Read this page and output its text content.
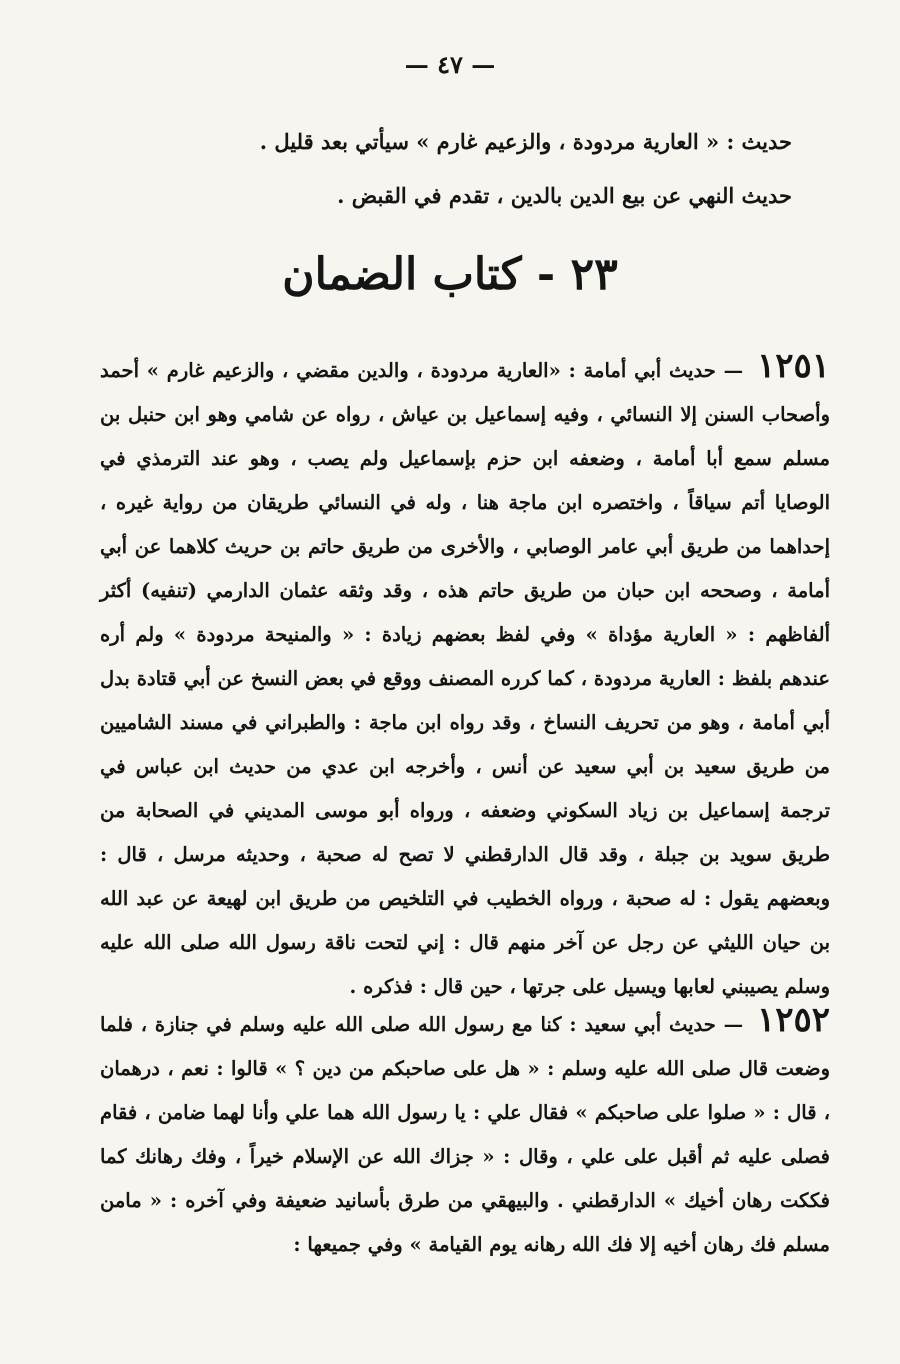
— ٤٧ —

حديث : « العارية مردودة ، والزعيم غارم » سيأتي بعد قليل .

حديث النهي عن بيع الدين بالدين ، تقدم في القبض .

٢٣ - كتاب الضمان

١٢٥١ — حديث أبي أمامة : «العارية مردودة ، والدين مقضي ، والزعيم غارم » أحمد وأصحاب السنن إلا النسائي ، وفيه إسماعيل بن عياش ، رواه عن شامي وهو ابن حنبل بن مسلم سمع أبا أمامة ، وضعفه ابن حزم بإسماعيل ولم يصب ، وهو عند الترمذي في الوصايا أتم سياقاً ، واختصره ابن ماجة هنا ، وله في النسائي طريقان من رواية غيره ، إحداهما من طريق أبي عامر الوصابي ، والأخرى من طريق حاتم بن حريث كلاهما عن أبي أمامة ، وصححه ابن حبان من طريق حاتم هذه ، وقد وثقه عثمان الدارمي (تنفيه) أكثر ألفاظهم : « العارية مؤداة » وفي لفظ بعضهم زيادة : « والمنيحة مردودة » ولم أره عندهم بلفظ : العارية مردودة ، كما كرره المصنف ووقع في بعض النسخ عن أبي قتادة بدل أبي أمامة ، وهو من تحريف النساخ ، وقد رواه ابن ماجة : والطبراني في مسند الشاميين من طريق سعيد بن أبي سعيد عن أنس ، وأخرجه ابن عدي من حديث ابن عباس في ترجمة إسماعيل بن زياد السكوني وضعفه ، ورواه أبو موسى المديني في الصحابة من طريق سويد بن جبلة ، وقد قال الدارقطني لا تصح له صحبة ، وحديثه مرسل ، قال : وبعضهم يقول : له صحبة ، ورواه الخطيب في التلخيص من طريق ابن لهيعة عن عبد الله بن حيان الليثي عن رجل عن آخر منهم قال : إني لتحت ناقة رسول الله صلى الله عليه وسلم يصيبني لعابها ويسيل على جرتها ، حين قال : فذكره .

١٢٥٢ — حديث أبي سعيد : كنا مع رسول الله صلى الله عليه وسلم في جنازة ، فلما وضعت قال صلى الله عليه وسلم : « هل على صاحبكم من دين ؟ » قالوا : نعم ، درهمان ، قال : « صلوا على صاحبكم » فقال علي : يا رسول الله هما علي وأنا لهما ضامن ، فقام فصلى عليه ثم أقبل على علي ، وقال : « جزاك الله عن الإسلام خيراً ، وفك رهانك كما فككت رهان أخيك » الدارقطني . والبيهقي من طرق بأسانيد ضعيفة وفي آخره : « مامن مسلم فك رهان أخيه إلا فك الله رهانه يوم القيامة » وفي جميعها :
